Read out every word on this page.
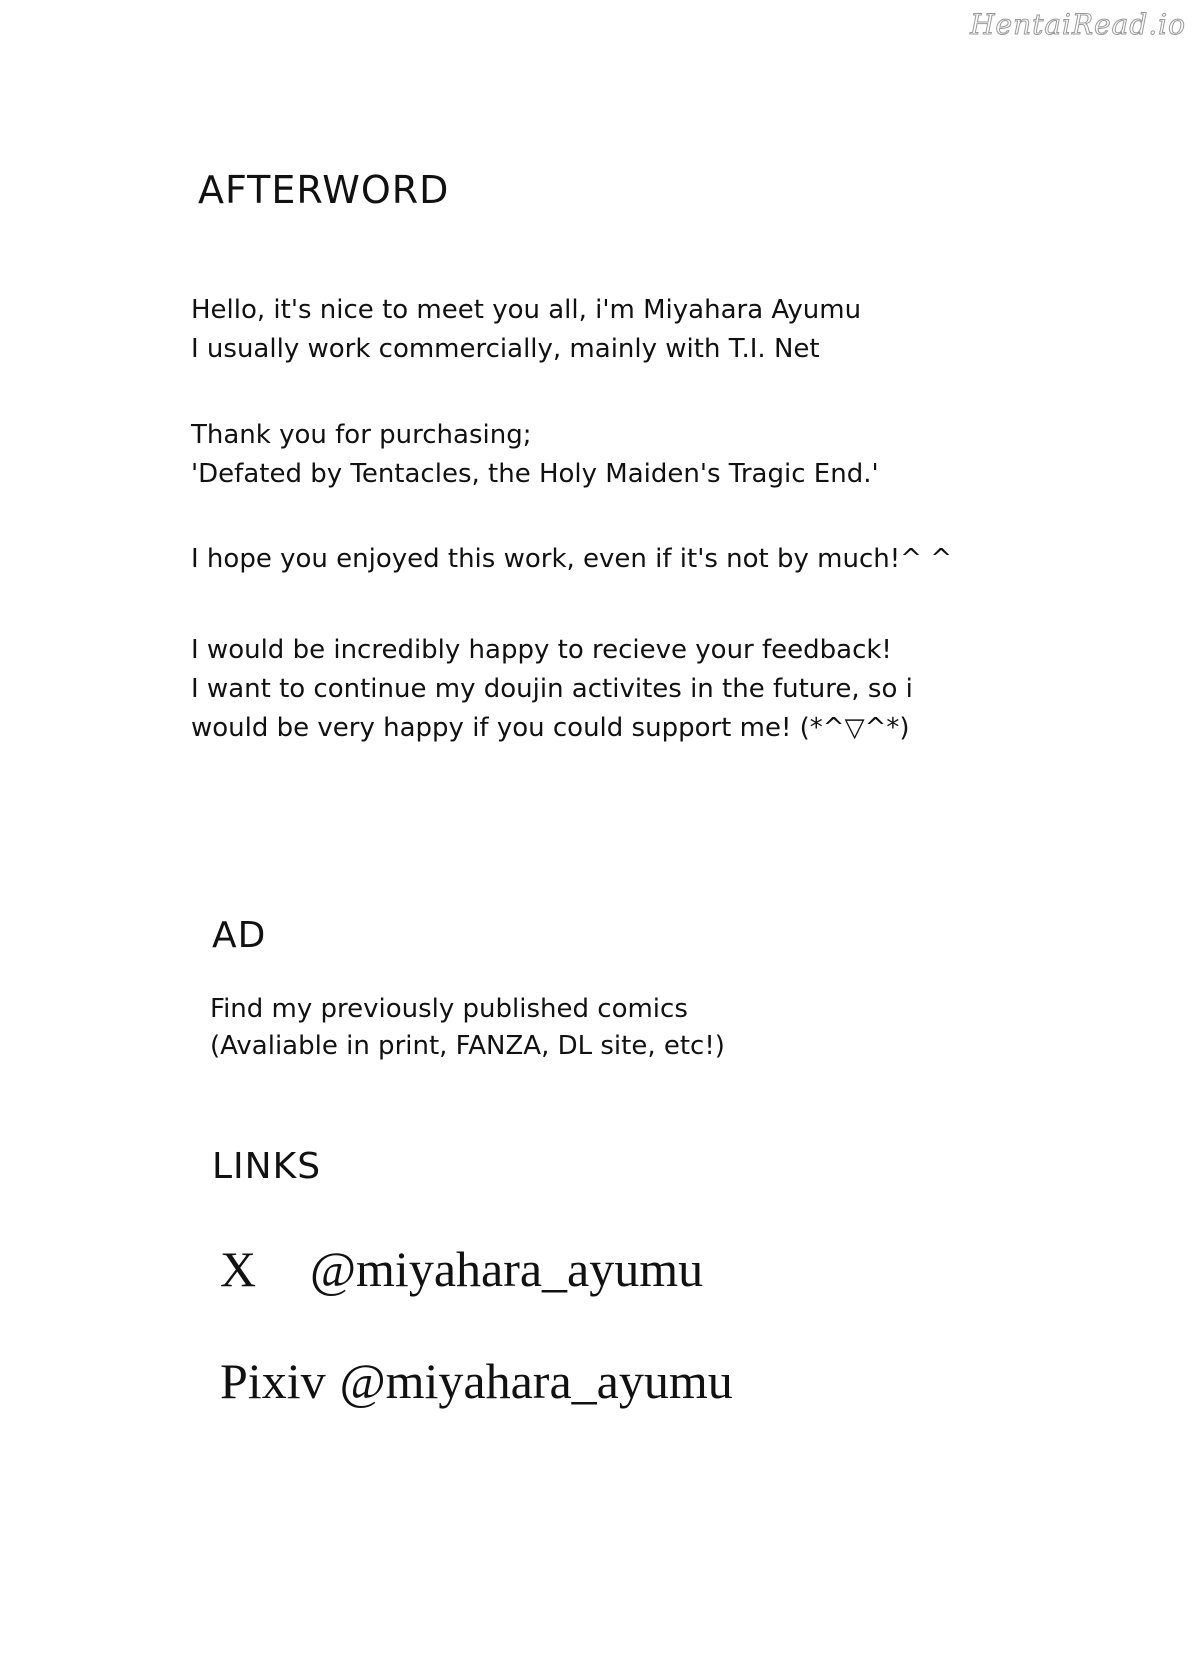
HentaiRead.io
AFTERWORD

Hello, it's nice to meet you all, i'm Miyahara Ayumu
I usually work commercially, mainly with T.I. Net

Thank you for purchasing;
'Defated by Tentacles, the Holy Maiden's Tragic End.'

I hope you enjoyed this work, even if it's not by much!^ ^

I would be incredibly happy to recieve your feedback!
I want to continue my doujin activites in the future, so i
would be very happy if you could support me! (*^▽^*)

AD

Find my previously published comics
(Avaliable in print, FANZA, DL site, etc!)

LINKS
X @miyahara_ayumu
Pixiv @miyahara_ayumu
